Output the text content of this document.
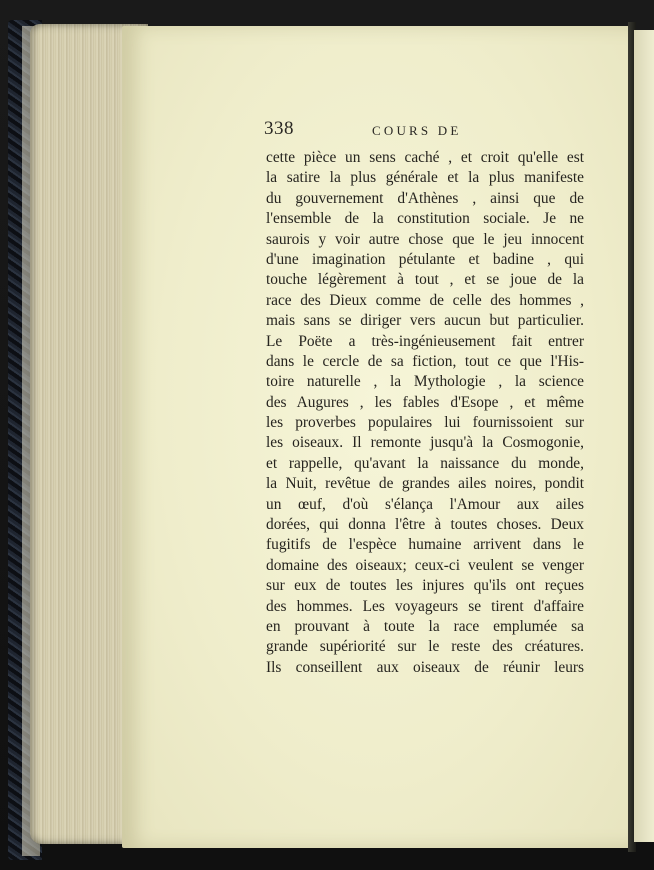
338	COURS DE
cette pièce un sens caché , et croit qu'elle est
la satire la plus générale et la plus manifeste
du gouvernement d'Athènes , ainsi que de
l'ensemble de la constitution sociale. Je ne
saurois y voir autre chose que le jeu innocent
d'une imagination pétulante et badine , qui
touche légèrement à tout , et se joue de la
race des Dieux comme de celle des hommes ,
mais sans se diriger vers aucun but particulier.
Le Poëte a très-ingénieusement fait entrer
dans le cercle de sa fiction, tout ce que l'His-
toire naturelle , la Mythologie , la science
des Augures , les fables d'Esope , et même
les proverbes populaires lui fournissoient sur
les oiseaux. Il remonte jusqu'à la Cosmogonie,
et rappelle, qu'avant la naissance du monde,
la Nuit, revêtue de grandes ailes noires, pondit
un œuf, d'où s'élança l'Amour aux ailes
dorées, qui donna l'être à toutes choses. Deux
fugitifs de l'espèce humaine arrivent dans le
domaine des oiseaux; ceux-ci veulent se venger
sur eux de toutes les injures qu'ils ont reçues
des hommes. Les voyageurs se tirent d'affaire
en prouvant à toute la race emplumée sa
grande supériorité sur le reste des créatures.
Ils conseillent aux oiseaux de réunir leurs
